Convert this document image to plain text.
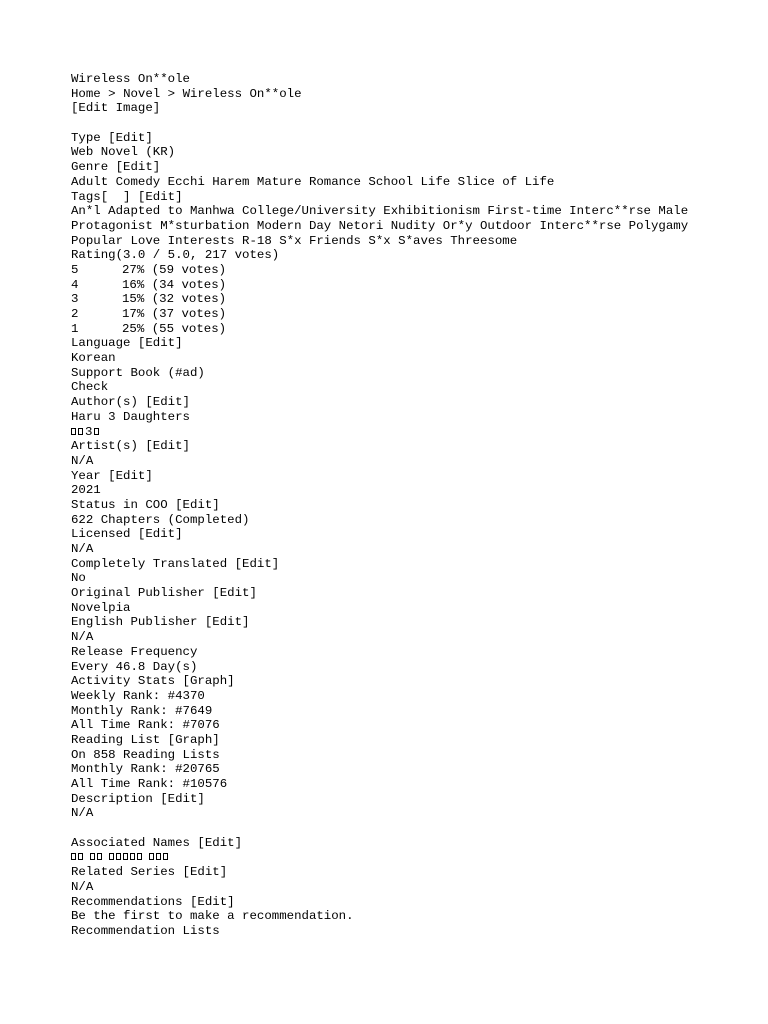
Wireless On**ole
Home > Novel > Wireless On**ole
[Edit Image]
Type [Edit]
Web Novel (KR)
Genre [Edit]
Adult Comedy Ecchi Harem Mature Romance School Life Slice of Life
Tags[  ] [Edit]
An*l Adapted to Manhwa College/University Exhibitionism First-time Interc**rse Male
Protagonist M*sturbation Modern Day Netori Nudity Or*y Outdoor Interc**rse Polygamy
Popular Love Interests R-18 S*x Friends S*x S*aves Threesome
Rating(3.0 / 5.0, 217 votes)
5	27% (59 votes)
4	16% (34 votes)
3	15% (32 votes)
2	17% (37 votes)
1	25% (55 votes)
Language [Edit]
Korean
Support Book (#ad)
Check
Author(s) [Edit]
Haru 3 Daughters
3
Artist(s) [Edit]
N/A
Year [Edit]
2021
Status in COO [Edit]
622 Chapters (Completed)
Licensed [Edit]
N/A
Completely Translated [Edit]
No
Original Publisher [Edit]
Novelpia
English Publisher [Edit]
N/A
Release Frequency
Every 46.8 Day(s)
Activity Stats [Graph]
Weekly Rank: #4370
Monthly Rank: #7649
All Time Rank: #7076
Reading List [Graph]
On 858 Reading Lists
Monthly Rank: #20765
All Time Rank: #10576
Description [Edit]
N/A
Associated Names [Edit]
Related Series [Edit]
N/A
Recommendations [Edit]
Be the first to make a recommendation.
Recommendation Lists
